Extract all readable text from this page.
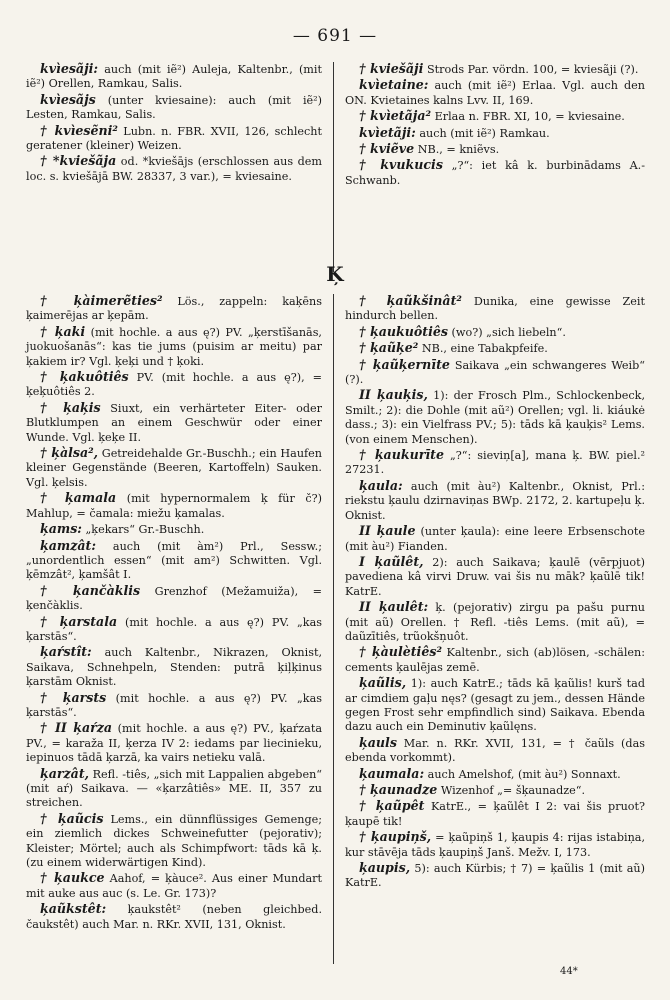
— 691 —

kvìesãji: auch (mit iẽ²) Auleja, Kaltenbr., (mit iẽ²) Orellen, Ramkau, Salis.

kvìesãjs (unter kviesaine): auch (mit iẽ²) Lesten, Ramkau, Salis.

† kvìesẽni² Lubn. n. FBR. XVII, 126, schlecht geratener (kleiner) Weizen.

† *kviešãja od. *kviešājs (erschlossen aus dem loc. s. kviešājā BW. 28337, 3 var.), = kviesaine.

† kviešãji Strods Par. vördn. 100, = kviesãji (?).

kvìetaine: auch (mit iẽ²) Erlaa. Vgl. auch den ON. Kvietaines kalns Lvv. II, 169.

† kvìetãja² Erlaa n. FBR. XI, 10, = kviesaine.

kvìetãji: auch (mit iẽ²) Ramkau.

† kviẽve NB., = kniẽvs.

† kvukucis „?“: iet kâ k. burbinādams A.-Schwanb.

Ķ

† ķàimerẽties² Lös., zappeln: kaķēns ķaimerējas ar ķepām.

† ķaki (mit hochle. a aus ę?) PV. „ķerstīšanās, juokuošanās“: kas tie jums (puisim ar meitu) par ķakiem ir? Vgl. ķeķi und † ķoki.

† ķakuôtiês PV. (mit hochle. a aus ę?), = ķeķuôtiês 2.

† ķaķis Siuxt, ein verhärteter Eiter- oder Blutklumpen an einem Geschwür oder einer Wunde. Vgl. ķeķe II.

† ķàlsa², Getreidehalde Gr.-Buschh.; ein Haufen kleiner Gegenstände (Beeren, Kartoffeln) Sauken. Vgl. ķelsis.

† ķamala (mit hypernormalem ķ für č?) Mahlup, = čamala: miežu ķamalas.

ķams: „ķekars“ Gr.-Buschh.

ķamzât: auch (mit àm²) Prl., Sessw.; „unordentlich essen“ (mit am²) Schwitten. Vgl. ķēmzât², ķamšât I.

† ķančàklis Grenzhof (Mežamuiža), = ķenčàklis.

† ķarstala (mit hochle. a aus ę?) PV. „kas ķarstās“.

ķaŕstît: auch Kaltenbr., Nikrazen, Oknist, Saikava, Schnehpeln, Stenden: putrā ķiļķinus ķarstām Oknist.

† ķarsts (mit hochle. a aus ę?) PV. „kas ķarstās“.

† II ķaŕza (mit hochle. a aus ę?) PV., ķaŕzata PV., = karaža II, ķerza IV 2: iedams par liecinieku, iepinuos tādā ķarzā, ka vairs netieku valā.

ķarzât, Refl. -tiês, „sich mit Lappalien abgeben“ (mit aŕ) Saikava. — «ķarzâtiês» ME. II, 357 zu streichen.

† ķaũcis Lems., ein dünnflüssiges Gemenge; ein ziemlich dickes Schweinefutter (pejorativ); Kleister; Mörtel; auch als Schimpfwort: tāds kā ķ. (zu einem widerwärtigen Kind).

† ķaukce Aahof, = ķàuce². Aus einer Mundart mit auke aus auc (s. Le. Gr. 173)?

ķaũkstêt: ķaukstêt² (neben gleichbed. čaukstêt) auch Mar. n. RKr. XVII, 131, Oknist.

† ķaũkšinât² Dunika, eine gewisse Zeit hindurch bellen.

† ķaukuôtiês (wo?) „sich liebeln“.

† ķaũķe² NB., eine Tabakpfeife.

† ķaũķernīte Saikava „ein schwangeres Weib“ (?).

II ķauķis, 1): der Frosch Plm., Schlockenbeck, Smilt.; 2): die Dohle (mit aũ²) Orellen; vgl. li. kiáukė dass.; 3): ein Vielfrass PV.; 5): tāds kā ķauķis² Lems. (von einem Menschen).

† ķaukurīte „?“: sieviņ[a], mana ķ. BW. piel.² 27231.

ķaula: auch (mit àu²) Kaltenbr., Oknist, Prl.: riekstu ķaulu dzirnaviņas BWp. 2172, 2. kartupeļu ķ. Oknist.

II ķaule (unter ķaula): eine leere Erbsenschote (mit àu²) Fianden.

I ķaũlêt, 2): auch Saikava; ķaulē (vērpjuot) pavediena kâ virvi Druw. vai šis nu māk? ķaũlē tik! KatrE.

II ķaulêt: ķ. (pejorativ) zirgu pa pašu purnu (mit aũ) Orellen. † Refl. -tiês Lems. (mit aũ), = daũzītiês, trũokšņuôt.

† ķàulètiês² Kaltenbr., sich (ab)lösen, -schälen: cements ķaulējas zemē.

ķaũlis, 1): auch KatrE.; tāds kā ķaũlis! kurš tad ar cimdiem gaļu nęs? (gesagt zu jem., dessen Hände gegen Frost sehr empfindlich sind) Saikava. Ebenda dazu auch ein Deminutiv ķaũlęns.

ķauls Mar. n. RKr. XVII, 131, = † čaũls (das ebenda vorkommt).

ķaumala: auch Amelshof, (mit àu²) Sonnaxt.

† ķaunadze Wizenhof „= šķaunadze“.

† ķaũpêt KatrE., = ķaũlêt I 2: vai šis pruot? ķaupē tik!

† ķaupiņš, = ķaũpiņš 1, ķaupis 4: rijas istabiņa, kur stāvēja tāds ķaupiņš Janš. Mežv. I, 173.

ķaupis, 5): auch Kürbis; † 7) = ķaũlis 1 (mit aũ) KatrE.

44*
